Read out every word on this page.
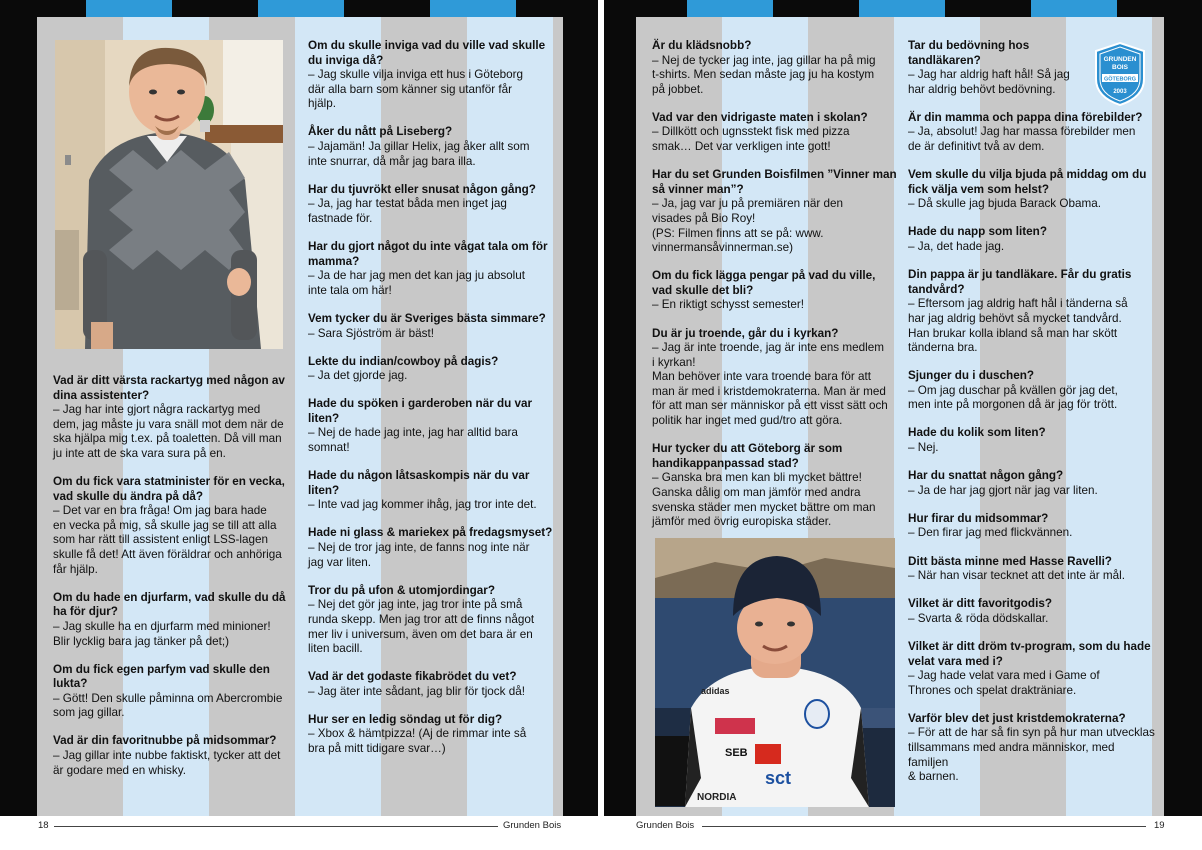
Vad är ditt värsta rackartyg med någon av dina assistenter?
– Jag har inte gjort några rackartyg med
dem, jag måste ju vara snäll mot dem när de
ska hjälpa mig t.ex. på toaletten. Då vill man
ju inte att de ska vara sura på en.
Om du fick vara statminister för en vecka, vad skulle du ändra på då?
– Det var en bra fråga! Om jag bara hade
en vecka på mig, så skulle jag se till att alla
som har rätt till assistent enligt LSS-lagen
skulle få det! Att även föräldrar och anhöriga
får hjälp.
Om du hade en djurfarm, vad skulle du då ha för djur?
– Jag skulle ha en djurfarm med minioner!
Blir lycklig bara jag tänker på det;)
Om du fick egen parfym vad skulle den lukta?
– Gött! Den skulle påminna om Abercrombie
som jag gillar.
Vad är din favoritnubbe på midsommar?
– Jag gillar inte nubbe faktiskt, tycker att det
är godare med en whisky.
Om du skulle inviga vad du ville vad skulle du inviga då?
– Jag skulle vilja inviga ett hus i Göteborg
där alla barn som känner sig utanför får
hjälp.
Åker du nått på Liseberg?
– Jajamän! Ja gillar Helix, jag åker allt som
inte snurrar, då mår jag bara illa.
Har du tjuvrökt eller snusat någon gång?
– Ja, jag har testat båda men inget jag
fastnade för.
Har du gjort något du inte vågat tala om för mamma?
– Ja de har jag men det kan jag ju absolut
inte tala om här!
Vem tycker du är Sveriges bästa simmare?
– Sara Sjöström är bäst!
Lekte du indian/cowboy på dagis?
– Ja det gjorde jag.
Hade du spöken i garderoben när du var liten?
– Nej de hade jag inte, jag har alltid bara
somnat!
Hade du någon låtsaskompis när du var liten?
– Inte vad jag kommer ihåg, jag tror inte det.
Hade ni glass & mariekex på fredagsmyset?
– Nej de tror jag inte, de fanns nog inte när
jag var liten.
Tror du på ufon & utomjordingar?
– Nej det gör jag inte, jag tror inte på små
runda skepp. Men jag tror att de finns något
mer liv i universum, även om det bara är en
liten bacill.
Vad är det godaste fikabrödet du vet?
– Jag äter inte sådant, jag blir för tjock då!
Hur ser en ledig söndag ut för dig?
– Xbox & hämtpizza! (Aj de rimmar inte så
bra på mitt tidigare svar…)
18	Grunden Bois
Är du klädsnobb?
– Nej de tycker jag inte, jag gillar ha på mig
t-shirts. Men sedan måste jag ju ha kostym
på jobbet.
Vad var den vidrigaste maten i skolan?
– Dillkött och ugnsstekt fisk med pizza
smak… Det var verkligen inte gott!
Har du set Grunden Boisfilmen ”Vinner man så vinner man”?
– Ja, jag var ju på premiären när den
visades på Bio Roy!
(PS: Filmen finns att se på: www.
vinnermansåvinnerman.se)
Om du fick lägga pengar på vad du ville, vad skulle det bli?
– En riktigt schysst semester!
Du är ju troende, går du i kyrkan?
– Jag är inte troende, jag är inte ens medlem
i kyrkan!
Man behöver inte vara troende bara för att
man är med i kristdemokraterna. Man är med
för att man ser människor på ett visst sätt och
politik har inget med gud/tro att göra.
Hur tycker du att Göteborg är som handikappanpassad stad?
– Ganska bra men kan bli mycket bättre!
Ganska dålig om man jämför med andra
svenska städer men mycket bättre om man
jämför med övrig europiska städer.
SEB
sct
NORDIA
adidas
Tar du bedövning hos tandläkaren?
– Jag har aldrig haft hål! Så jag
har aldrig behövt bedövning.
Är din mamma och pappa dina förebilder?
– Ja, absolut! Jag har massa förebilder men
de är definitivt två av dem.
Vem skulle du vilja bjuda på middag om du fick välja vem som helst?
– Då skulle jag bjuda Barack Obama.
Hade du napp som liten?
– Ja, det hade jag.
Din pappa är ju tandläkare. Får du gratis tandvård?
– Eftersom jag aldrig haft hål i tänderna så
har jag aldrig behövt så mycket tandvård.
Han brukar kolla ibland så man har skött
tänderna bra.
Sjunger du i duschen?
– Om jag duschar på kvällen gör jag det,
men inte på morgonen då är jag för trött.
Hade du kolik som liten?
– Nej.
Har du snattat någon gång?
– Ja de har jag gjort när jag var liten.
Hur firar du midsommar?
– Den firar jag med flickvännen.
Ditt bästa minne med Hasse Ravelli?
– När han visar tecknet att det inte är mål.
Vilket är ditt favoritgodis?
– Svarta & röda dödskallar.
Vilket är ditt dröm tv-program, som du hade velat vara med i?
– Jag hade velat vara med i Game of
Thrones och spelat drakträniare.
Varför blev det just kristdemokraterna?
– För att de har så fin syn på hur man utvecklas
tillsammans med andra människor, med familjen
& barnen.
GRUNDEN
BOIS
GÖTEBORG
2003
Grunden Bois	19
